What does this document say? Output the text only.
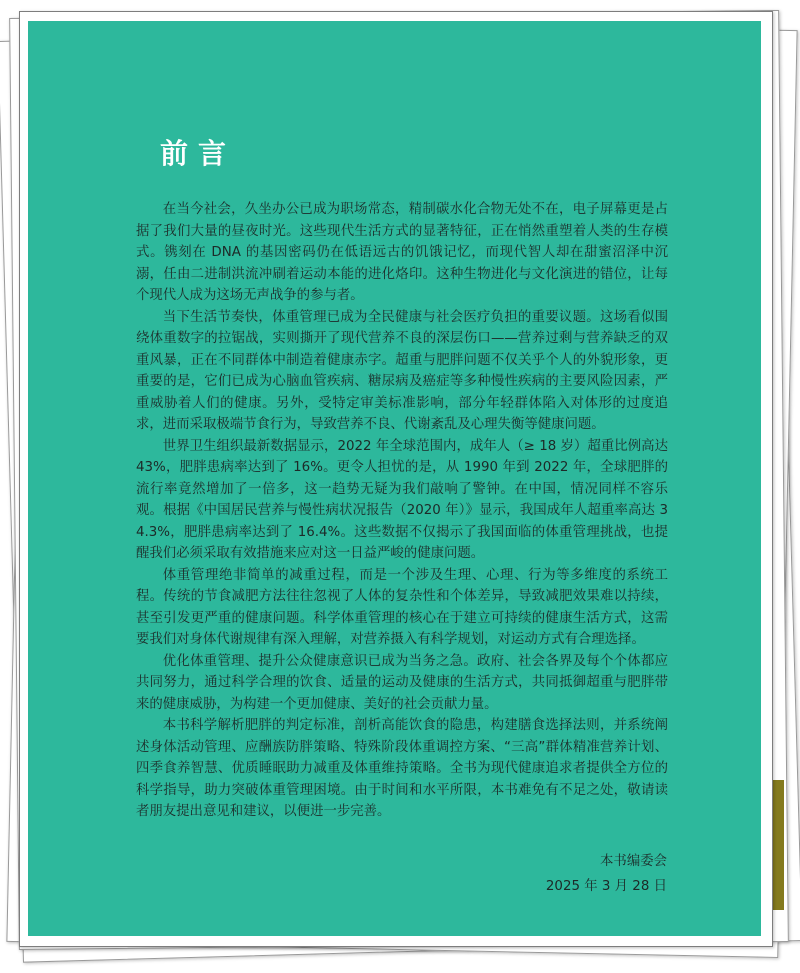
前言

在当今社会，久坐办公已成为职场常态，精制碳水化合物无处不在，电子屏幕更是占据了我们大量的昼夜时光。这些现代生活方式的显著特征，正在悄然重塑着人类的生存模式。镌刻在 DNA 的基因密码仍在低语远古的饥饿记忆，而现代智人却在甜蜜沼泽中沉溺，任由二进制洪流冲刷着运动本能的进化烙印。这种生物进化与文化演进的错位，让每个现代人成为这场无声战争的参与者。

当下生活节奏快，体重管理已成为全民健康与社会医疗负担的重要议题。这场看似围绕体重数字的拉锯战，实则撕开了现代营养不良的深层伤口——营养过剩与营养缺乏的双重风暴，正在不同群体中制造着健康赤字。超重与肥胖问题不仅关乎个人的外貌形象，更重要的是，它们已成为心脑血管疾病、糖尿病及癌症等多种慢性疾病的主要风险因素，严重威胁着人们的健康。另外，受特定审美标准影响，部分年轻群体陷入对体形的过度追求，进而采取极端节食行为，导致营养不良、代谢紊乱及心理失衡等健康问题。

世界卫生组织最新数据显示，2022 年全球范围内，成年人（≥ 18 岁）超重比例高达 43%，肥胖患病率达到了 16%。更令人担忧的是，从 1990 年到 2022 年，全球肥胖的流行率竟然增加了一倍多，这一趋势无疑为我们敲响了警钟。在中国，情况同样不容乐观。根据《中国居民营养与慢性病状况报告（2020 年）》显示，我国成年人超重率高达 34.3%，肥胖患病率达到了 16.4%。这些数据不仅揭示了我国面临的体重管理挑战，也提醒我们必须采取有效措施来应对这一日益严峻的健康问题。

体重管理绝非简单的减重过程，而是一个涉及生理、心理、行为等多维度的系统工程。传统的节食减肥方法往往忽视了人体的复杂性和个体差异，导致减肥效果难以持续，甚至引发更严重的健康问题。科学体重管理的核心在于建立可持续的健康生活方式，这需要我们对身体代谢规律有深入理解，对营养摄入有科学规划，对运动方式有合理选择。

优化体重管理、提升公众健康意识已成为当务之急。政府、社会各界及每个个体都应共同努力，通过科学合理的饮食、适量的运动及健康的生活方式，共同抵御超重与肥胖带来的健康威胁，为构建一个更加健康、美好的社会贡献力量。

本书科学解析肥胖的判定标准，剖析高能饮食的隐患，构建膳食选择法则，并系统阐述身体活动管理、应酬族防胖策略、特殊阶段体重调控方案、“三高”群体精准营养计划、四季食养智慧、优质睡眠助力减重及体重维持策略。全书为现代健康追求者提供全方位的科学指导，助力突破体重管理困境。由于时间和水平所限，本书难免有不足之处，敬请读者朋友提出意见和建议，以便进一步完善。

本书编委会

2025 年 3 月 28 日
